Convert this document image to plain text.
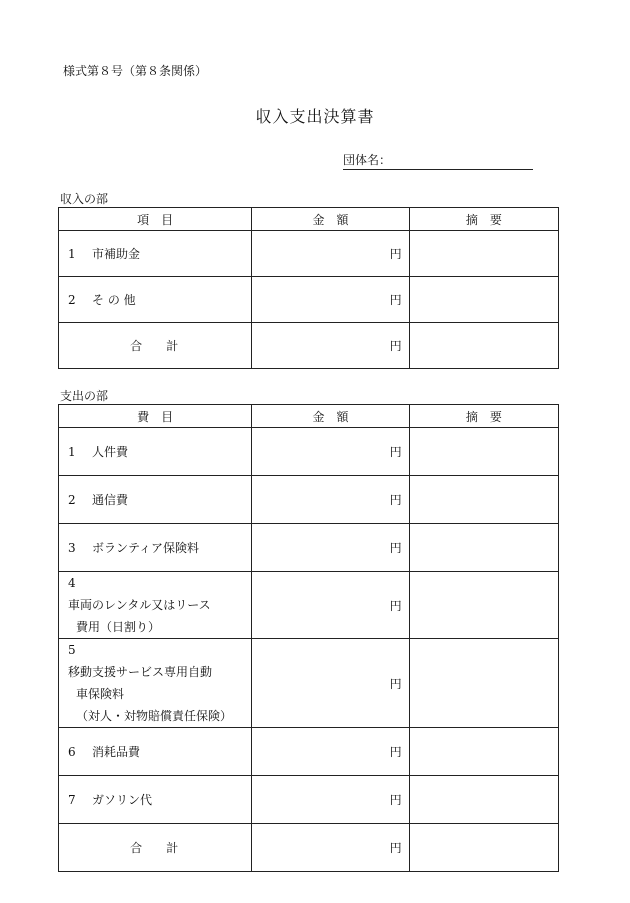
様式第８号（第８条関係）
収入支出決算書
団体名：
収入の部
項　目	金　額	摘　要
1 市補助金	円	
2 そ の 他	円	
合 計	円	
支出の部
費　目	金　額	摘　要
1 人件費	円	
2 通信費	円	
3 ボランティア保険料	円	

4
車両のレンタル又はリース
費用（日割り）	円	

5
移動支援サービス専用自動
車保険料
（対人・対物賠償責任保険）	円	
6 消耗品費	円	
7 ガソリン代	円	
合 計	円	
